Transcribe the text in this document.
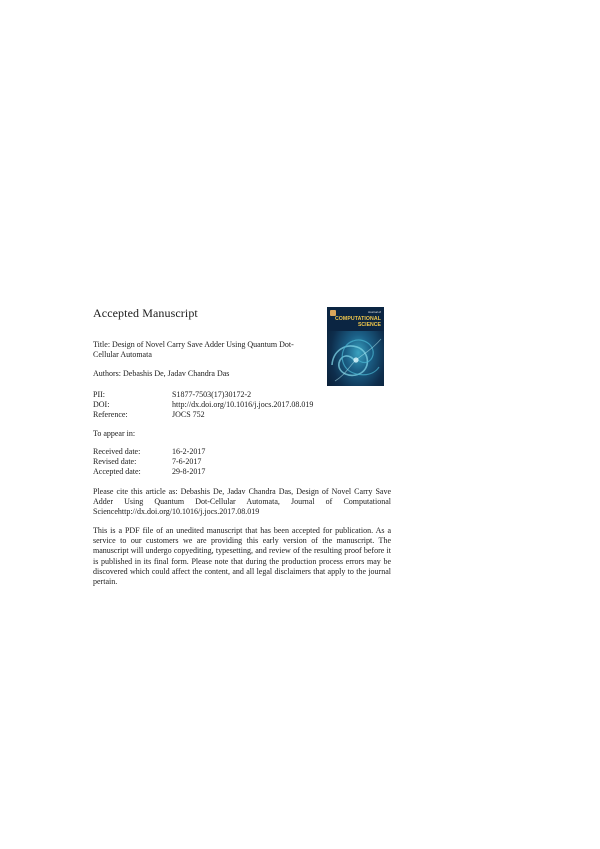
Accepted Manuscript
Title: Design of Novel Carry Save Adder Using Quantum Dot-Cellular Automata
Authors: Debashis De, Jadav Chandra Das
PII:	S1877-7503(17)30172-2
DOI:	http://dx.doi.org/10.1016/j.jocs.2017.08.019
Reference:	JOCS 752
To appear in:
Received date:	16-2-2017
Revised date:	7-6-2017
Accepted date:	29-8-2017
Please cite this article as: Debashis De, Jadav Chandra Das, Design of Novel Carry Save Adder Using Quantum Dot-Cellular Automata, Journal of Computational Sciencehttp://dx.doi.org/10.1016/j.jocs.2017.08.019
This is a PDF file of an unedited manuscript that has been accepted for publication. As a service to our customers we are providing this early version of the manuscript. The manuscript will undergo copyediting, typesetting, and review of the resulting proof before it is published in its final form. Please note that during the production process errors may be discovered which could affect the content, and all legal disclaimers that apply to the journal pertain.
Journal of
COMPUTATIONAL
SCIENCE
